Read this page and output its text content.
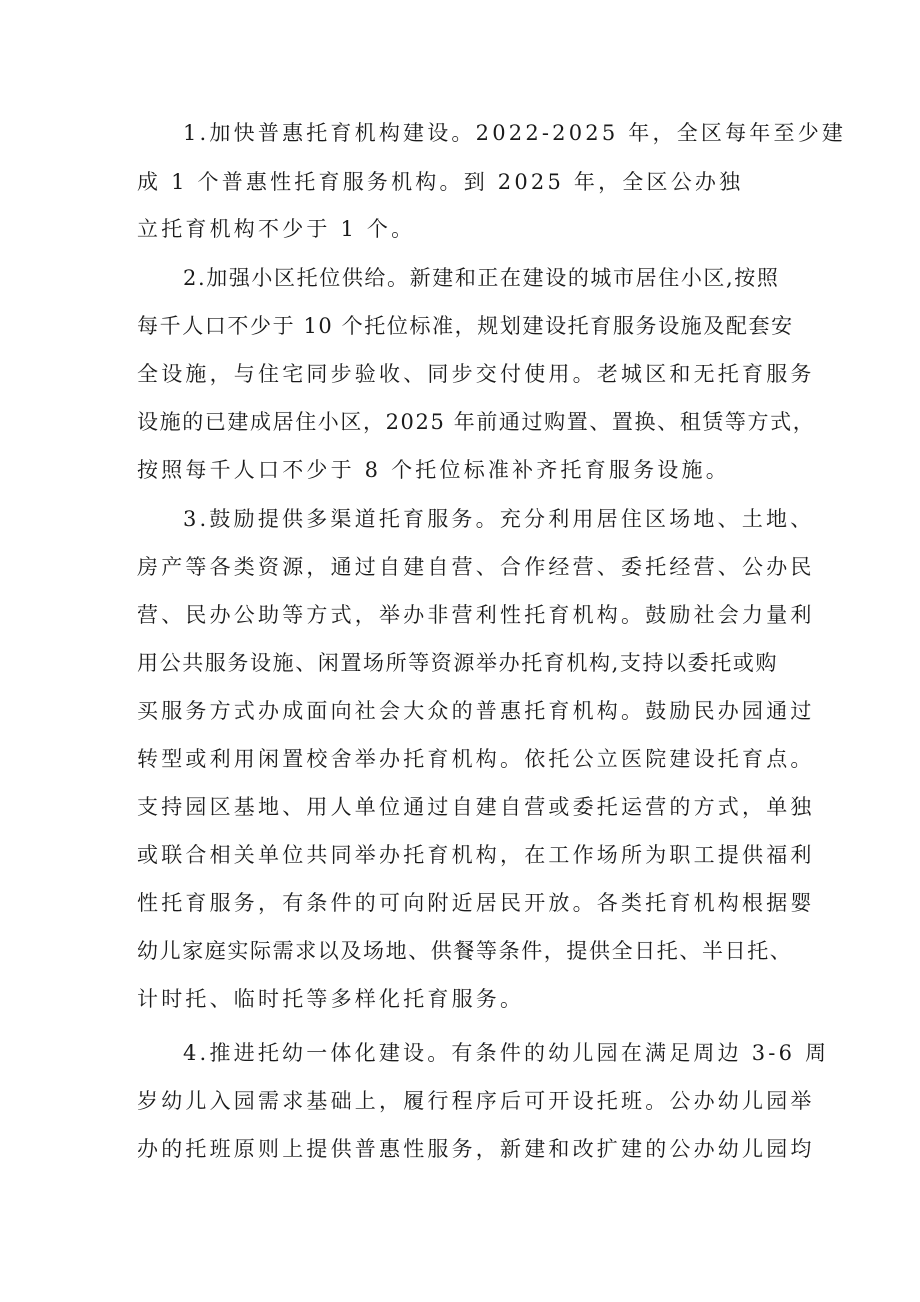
1.加快普惠托育机构建设。2022-2025 年，全区每年至少建
成 1 个普惠性托育服务机构。到 2025 年，全区公办独
立托育机构不少于 1 个。
2.加强小区托位供给。新建和正在建设的城市居住小区,按照
每千人口不少于 10 个托位标准，规划建设托育服务设施及配套安
全设施，与住宅同步验收、同步交付使用。老城区和无托育服务
设施的已建成居住小区，2025 年前通过购置、置换、租赁等方式，
按照每千人口不少于 8 个托位标准补齐托育服务设施。
3.鼓励提供多渠道托育服务。充分利用居住区场地、土地、
房产等各类资源，通过自建自营、合作经营、委托经营、公办民
营、民办公助等方式，举办非营利性托育机构。鼓励社会力量利
用公共服务设施、闲置场所等资源举办托育机构,支持以委托或购
买服务方式办成面向社会大众的普惠托育机构。鼓励民办园通过
转型或利用闲置校舍举办托育机构。依托公立医院建设托育点。
支持园区基地、用人单位通过自建自营或委托运营的方式，单独
或联合相关单位共同举办托育机构，在工作场所为职工提供福利
性托育服务，有条件的可向附近居民开放。各类托育机构根据婴
幼儿家庭实际需求以及场地、供餐等条件，提供全日托、半日托、
计时托、临时托等多样化托育服务。
4.推进托幼一体化建设。有条件的幼儿园在满足周边 3-6 周
岁幼儿入园需求基础上，履行程序后可开设托班。公办幼儿园举
办的托班原则上提供普惠性服务，新建和改扩建的公办幼儿园均
